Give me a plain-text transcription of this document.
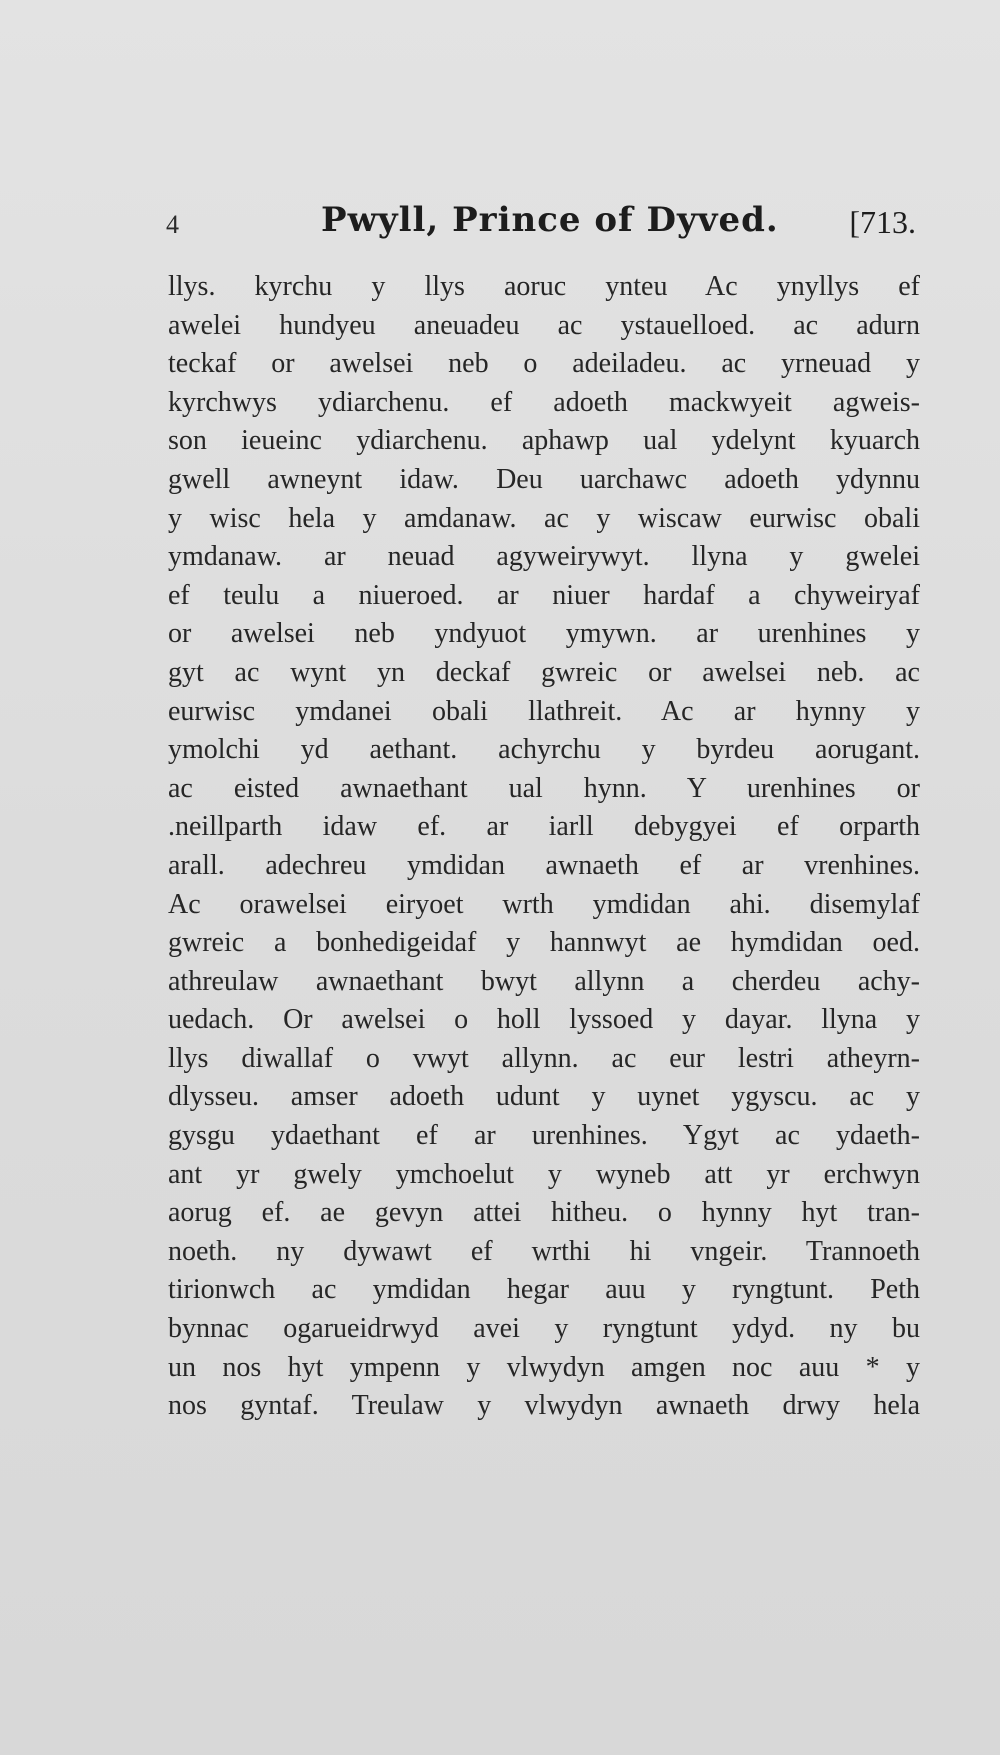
4	Pwyll, Prince of Dyved. [713.
llys. kyrchu y llys aoruc ynteu Ac ynyllys ef
awelei hundyeu aneuadeu ac ystauelloed. ac adurn
teckaf or awelsei neb o adeiladeu. ac yrneuad y
kyrchwys ydiarchenu. ef adoeth mackwyeit agweis-
son ieueinc ydiarchenu. aphawp ual ydelynt kyuarch
gwell awneynt idaw. Deu uarchawc adoeth ydynnu
y wisc hela y amdanaw. ac y wiscaw eurwisc obali
ymdanaw. ar neuad agyweirywyt. llyna y gwelei
ef teulu a niueroed. ar niuer hardaf a chyweiryaf
or awelsei neb yndyuot ymywn. ar urenhines y
gyt ac wynt yn deckaf gwreic or awelsei neb. ac
eurwisc ymdanei obali llathreit. Ac ar hynny y
ymolchi yd aethant. achyrchu y byrdeu aorugant.
ac eisted awnaethant ual hynn. Y urenhines or
.neillparth idaw ef. ar iarll debygyei ef orparth
arall. adechreu ymdidan awnaeth ef ar vrenhines.
Ac orawelsei eiryoet wrth ymdidan ahi. disemylaf
gwreic a bonhedigeidaf y hannwyt ae hymdidan oed.
athreulaw awnaethant bwyt allynn a cherdeu achy-
uedach. Or awelsei o holl lyssoed y dayar. llyna y
llys diwallaf o vwyt allynn. ac eur lestri atheyrn-
dlysseu. amser adoeth udunt y uynet ygyscu. ac y
gysgu ydaethant ef ar urenhines. Ygyt ac ydaeth-
ant yr gwely ymchoelut y wyneb att yr erchwyn
aorug ef. ae gevyn attei hitheu. o hynny hyt tran-
noeth. ny dywawt ef wrthi hi vngeir. Trannoeth
tirionwch ac ymdidan hegar auu y ryngtunt. Peth
bynnac ogarueidrwyd avei y ryngtunt ydyd. ny bu
un nos hyt ympenn y vlwydyn amgen noc auu * y
nos gyntaf. Treulaw y vlwydyn awnaeth drwy hela
